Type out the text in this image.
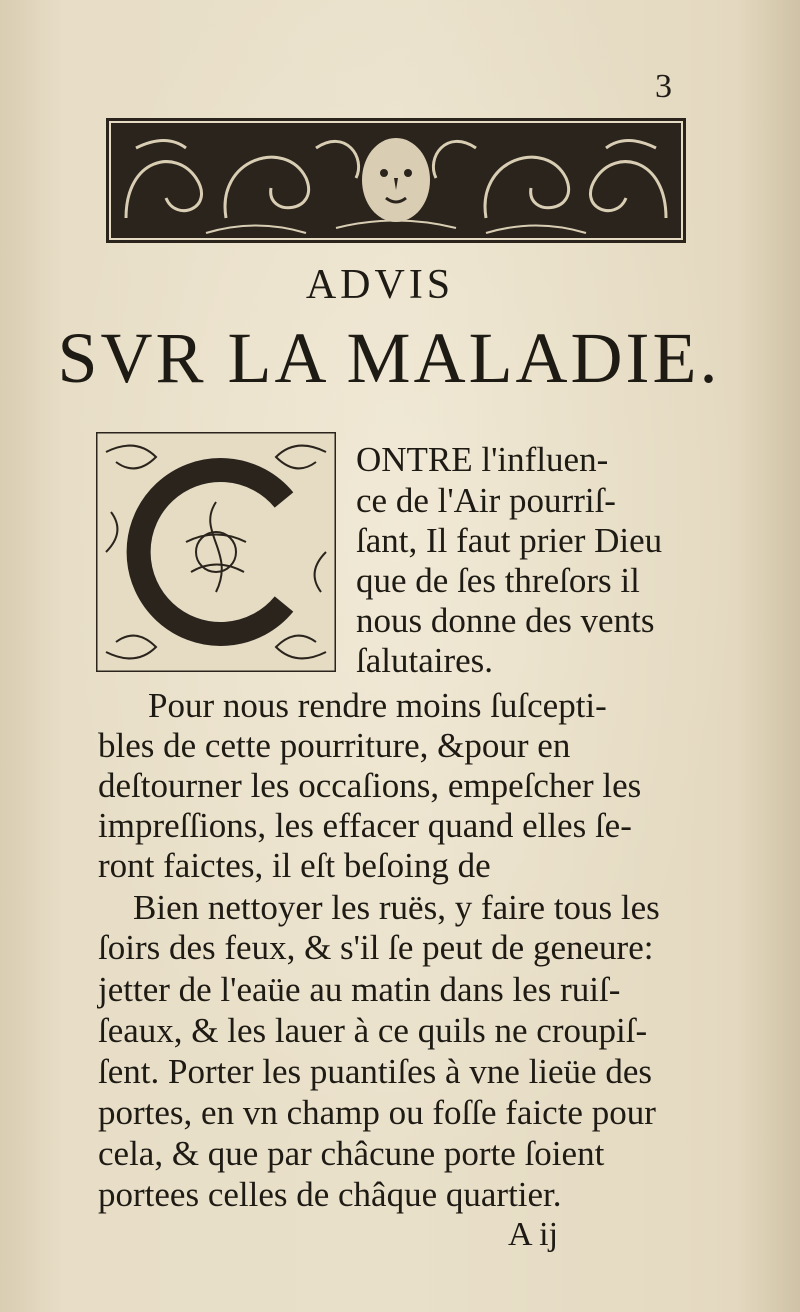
3
ADVIS
SVR LA MALADIE.
ONTRE l'influen-
ce de l'Air pourriſ-
ſant, Il faut prier Dieu
que de ſes threſors il
nous donne des vents
ſalutaires.
Pour nous rendre moins ſuſcepti-
bles de cette pourriture, &pour en
deſtourner les occaſions, empeſcher les
impreſſions, les effacer quand elles ſe-
ront faictes, il eſt beſoing de
Bien nettoyer les ruës, y faire tous les
ſoirs des feux, & s'il ſe peut de geneure:
jetter de l'eaüe au matin dans les ruiſ-
ſeaux, & les lauer à ce quils ne croupiſ-
ſent. Porter les puantiſes à vne lieüe des
portes, en vn champ ou foſſe faicte pour
cela, & que par châcune porte ſoient
portees celles de châque quartier.
A ij
